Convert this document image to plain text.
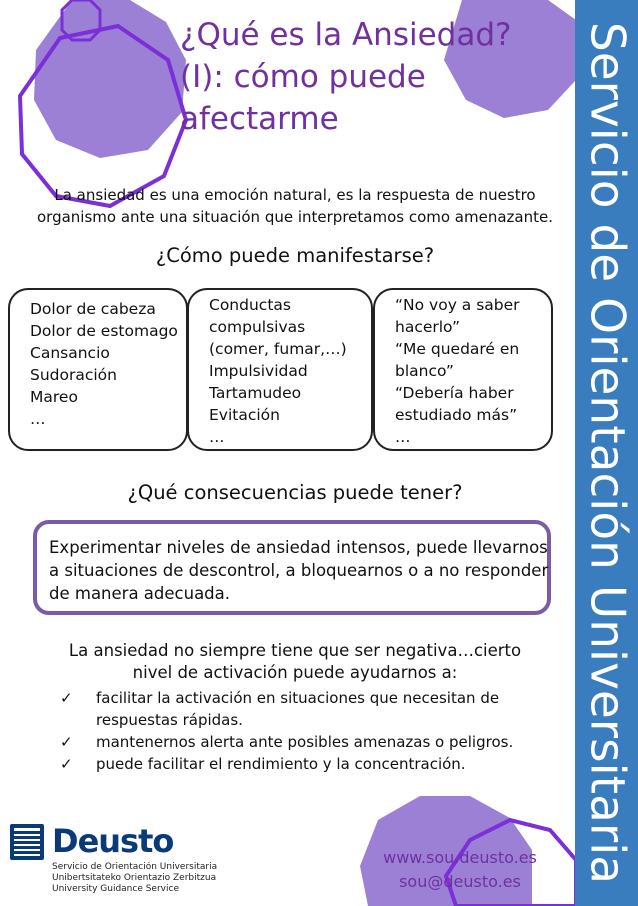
Servicio de Orientación Universitaria
¿Qué es la Ansiedad?
(I): cómo puede
afectarme
La ansiedad es una emoción natural, es la respuesta de nuestro
organismo ante una situación que interpretamos como amenazante.
¿Cómo puede manifestarse?
Dolor de cabeza
Dolor de estomago
Cansancio
Sudoración
Mareo
…
Conductas
compulsivas
(comer, fumar,…)
Impulsividad
Tartamudeo
Evitación
…
“No voy a saber
hacerlo”
“Me quedaré en
blanco”
“Debería haber
estudiado más”
…
¿Qué consecuencias puede tener?
Experimentar niveles de ansiedad intensos, puede llevarnos
a situaciones de descontrol, a bloquearnos o a no responder
de manera adecuada.
La ansiedad no siempre tiene que ser negativa…cierto
nivel de activación puede ayudarnos a:
✓ facilitar la activación en situaciones que necesitan de
respuestas rápidas.
✓ mantenernos alerta ante posibles amenazas o peligros.
✓ puede facilitar el rendimiento y la concentración.
Deusto
Servicio de Orientación Universitaria
Unibertsitateko Orientazio Zerbitzua
University Guidance Service
www.sou.deusto.es
sou@deusto.es
